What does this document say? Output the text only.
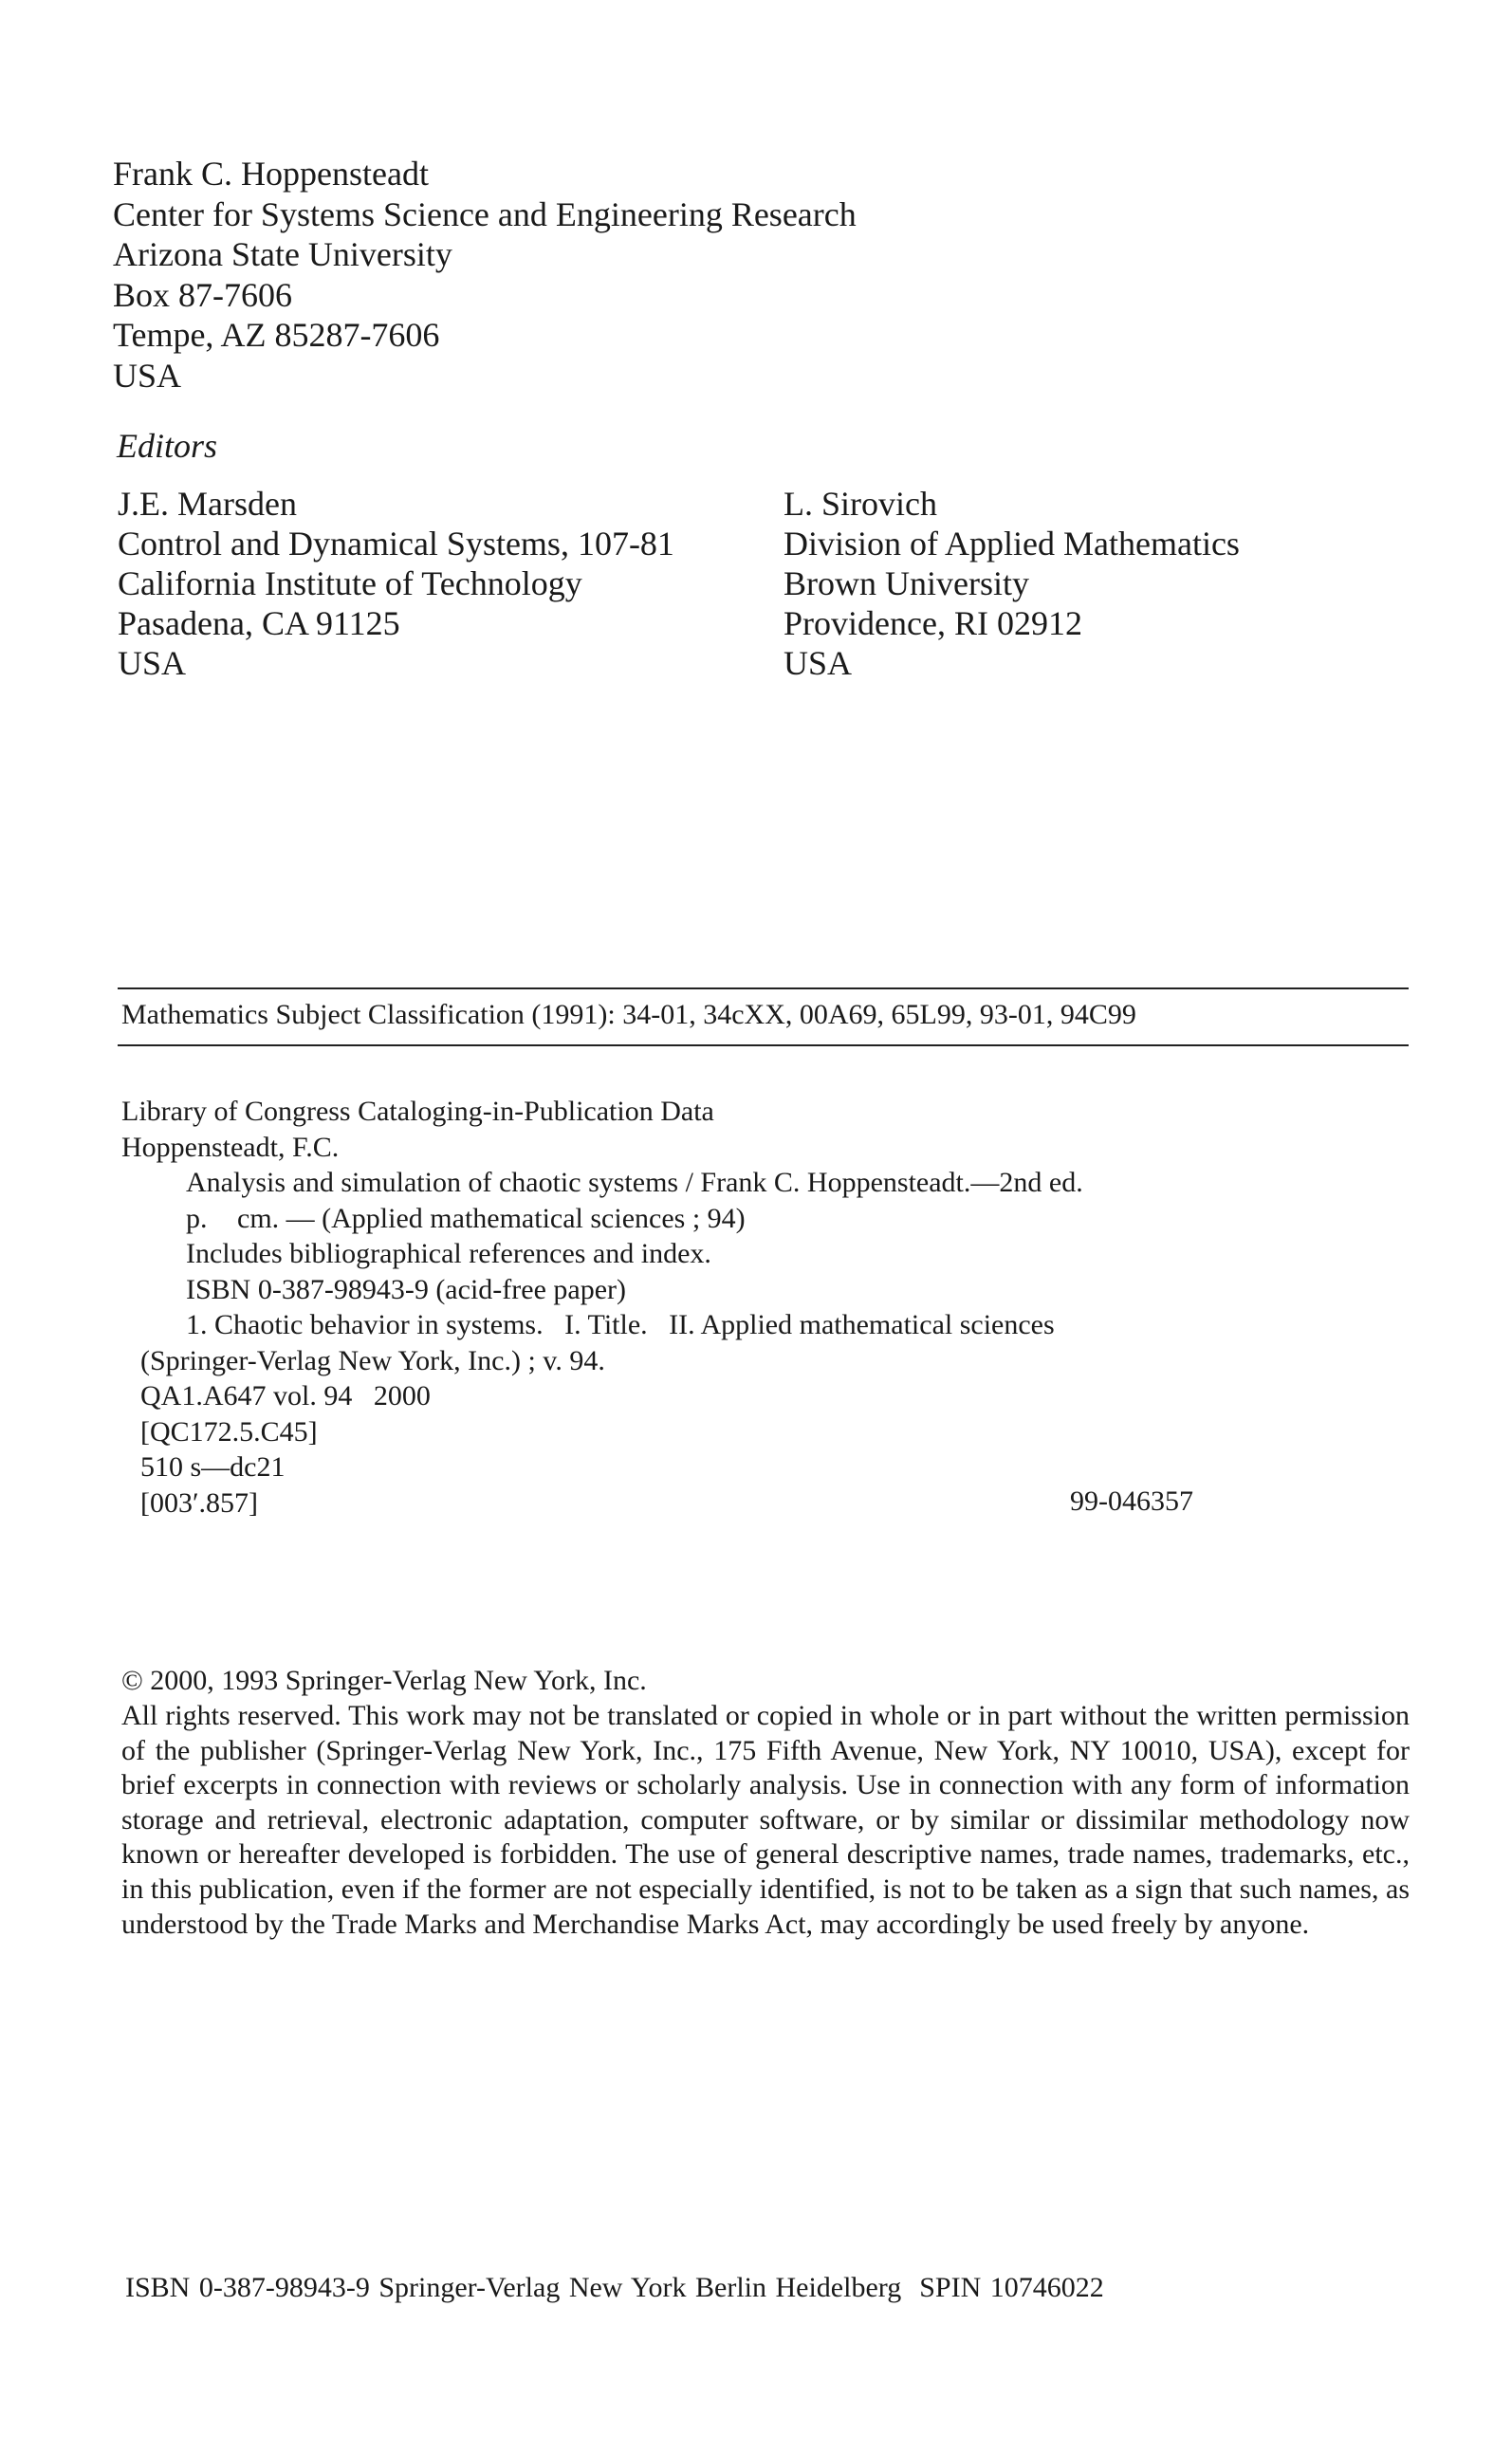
Frank C. Hoppensteadt
Center for Systems Science and Engineering Research
Arizona State University
Box 87-7606
Tempe, AZ 85287-7606
USA
Editors
J.E. Marsden
Control and Dynamical Systems, 107-81
California Institute of Technology
Pasadena, CA 91125
USA
L. Sirovich
Division of Applied Mathematics
Brown University
Providence, RI 02912
USA
Mathematics Subject Classification (1991): 34-01, 34cXX, 00A69, 65L99, 93-01, 94C99
Library of Congress Cataloging-in-Publication Data
Hoppensteadt, F.C.
Analysis and simulation of chaotic systems / Frank C. Hoppensteadt.—2nd ed.
p. cm. — (Applied mathematical sciences ; 94)
Includes bibliographical references and index.
ISBN 0-387-98943-9 (acid-free paper)
1. Chaotic behavior in systems.   I. Title.   II. Applied mathematical sciences
(Springer-Verlag New York, Inc.) ; v. 94.
QA1.A647 vol. 94   2000
[QC172.5.C45]
510 s—dc21
[003′.857]	99-046357
© 2000, 1993 Springer-Verlag New York, Inc.
All rights reserved. This work may not be translated or copied in whole or in part without the written permission of the publisher (Springer-Verlag New York, Inc., 175 Fifth Avenue, New York, NY 10010, USA), except for brief excerpts in connection with reviews or scholarly analysis. Use in connection with any form of information storage and retrieval, electronic adaptation, computer software, or by similar or dissimilar methodology now known or hereafter developed is forbidden. The use of general descriptive names, trade names, trademarks, etc., in this publication, even if the former are not especially identified, is not to be taken as a sign that such names, as understood by the Trade Marks and Merchandise Marks Act, may accordingly be used freely by anyone.
ISBN 0-387-98943-9 Springer-Verlag New York Berlin Heidelberg  SPIN 10746022
